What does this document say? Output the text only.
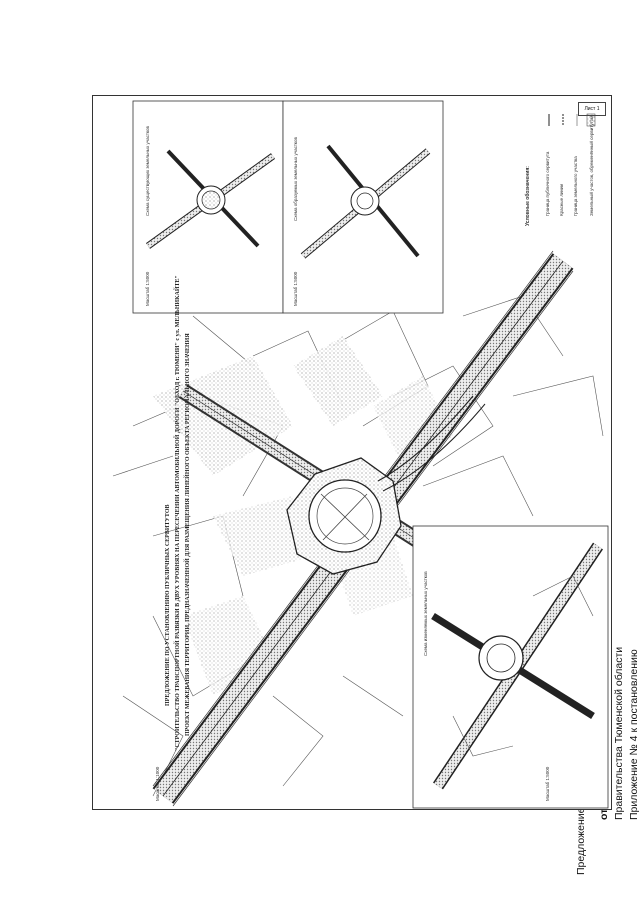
Приложение № 4 к постановлению
Правительства Тюменской области
от
Лист 1
ПРОЕКТ МЕЖЕВАНИЯ ТЕРРИТОРИИ, ПРЕДНАЗНАЧЕННОЙ ДЛЯ РАЗМЕЩЕНИЯ ЛИНЕЙНОГО ОБЪЕКТА РЕГИОНАЛЬНОГО ЗНАЧЕНИЯ
"СТРОИТЕЛЬСТВО ТРАНСПОРТНОЙ РАЗВЯЗКИ В ДВУХ УРОВНЯХ НА ПЕРЕСЕЧЕНИИ АВТОМОБИЛЬНОЙ ДОРОГИ "ОБХОД г. ТЮМЕНИ" с ул. МЕЛЬНИКАЙТЕ"
ПРЕДЛОЖЕНИЕ ПО УСТАНОВЛЕНИЮ ПУБЛИЧНЫХ СЕРВИТУТОВ
Схема существующих земельных участков
Масштаб 1:5000
Схема образуемых земельных участков
Масштаб 1:5000
Схема изменяемых земельных участков
Масштаб 1:5000
Масштаб 1:1000
Условные обозначения:	Граница публичного сервитута Красные линии Граница земельного участка Земельный участок, обременённый сервитутом
